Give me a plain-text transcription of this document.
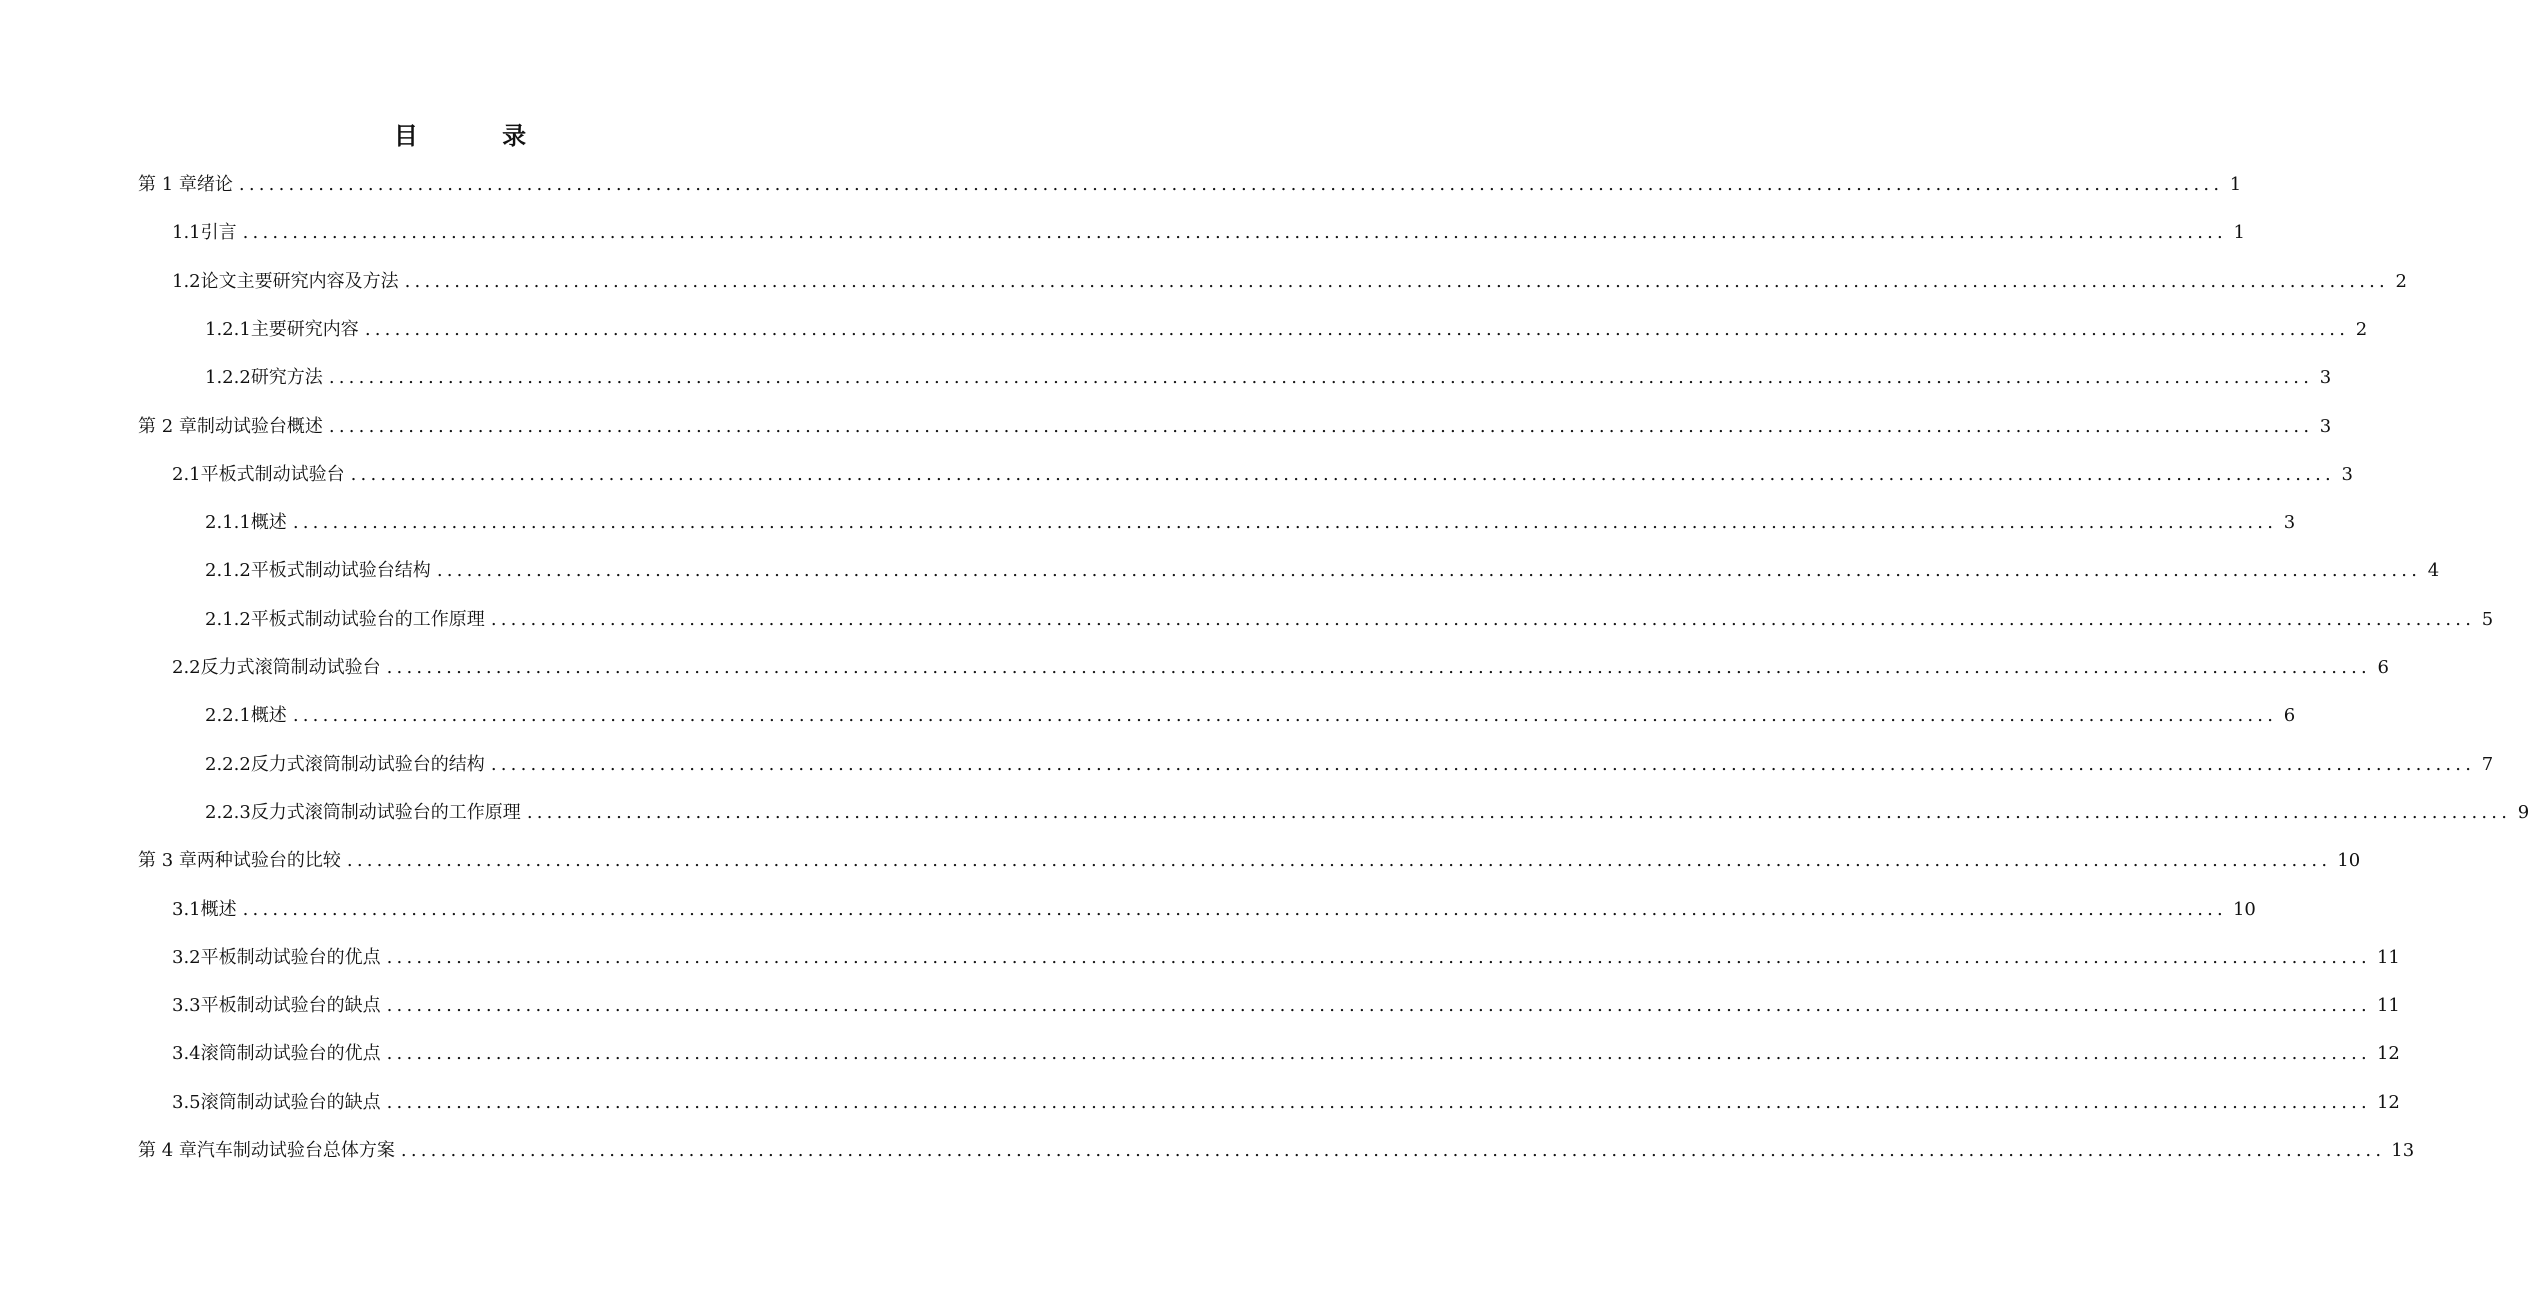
目 录
第 1 章 绪论 ........................................................................................................................................................................................................ 1
1.1 引言 ........................................................................................................................................................................................................ 1
1.2 论文主要研究内容及方法 ........................................................................................................................................................................................................ 2
1.2.1 主要研究内容 ........................................................................................................................................................................................................ 2
1.2.2 研究方法 ........................................................................................................................................................................................................ 3
第 2 章 制动试验台概述 ........................................................................................................................................................................................................ 3
2.1 平板式制动试验台 ........................................................................................................................................................................................................ 3
2.1.1 概述 ........................................................................................................................................................................................................ 3
2.1.2 平板式制动试验台结构 ........................................................................................................................................................................................................ 4
2.1.2 平板式制动试验台的工作原理 ........................................................................................................................................................................................................ 5
2.2 反力式滚筒制动试验台 ........................................................................................................................................................................................................ 6
2.2.1 概述 ........................................................................................................................................................................................................ 6
2.2.2 反力式滚筒制动试验台的结构 ........................................................................................................................................................................................................ 7
2.2.3 反力式滚筒制动试验台的工作原理 ........................................................................................................................................................................................................ 9
第 3 章 两种试验台的比较 ........................................................................................................................................................................................................ 10
3.1 概述 ........................................................................................................................................................................................................ 10
3.2 平板制动试验台的优点 ........................................................................................................................................................................................................ 11
3.3 平板制动试验台的缺点 ........................................................................................................................................................................................................ 11
3.4 滚筒制动试验台的优点 ........................................................................................................................................................................................................ 12
3.5 滚筒制动试验台的缺点 ........................................................................................................................................................................................................ 12
第 4 章 汽车制动试验台总体方案 ........................................................................................................................................................................................................ 13
